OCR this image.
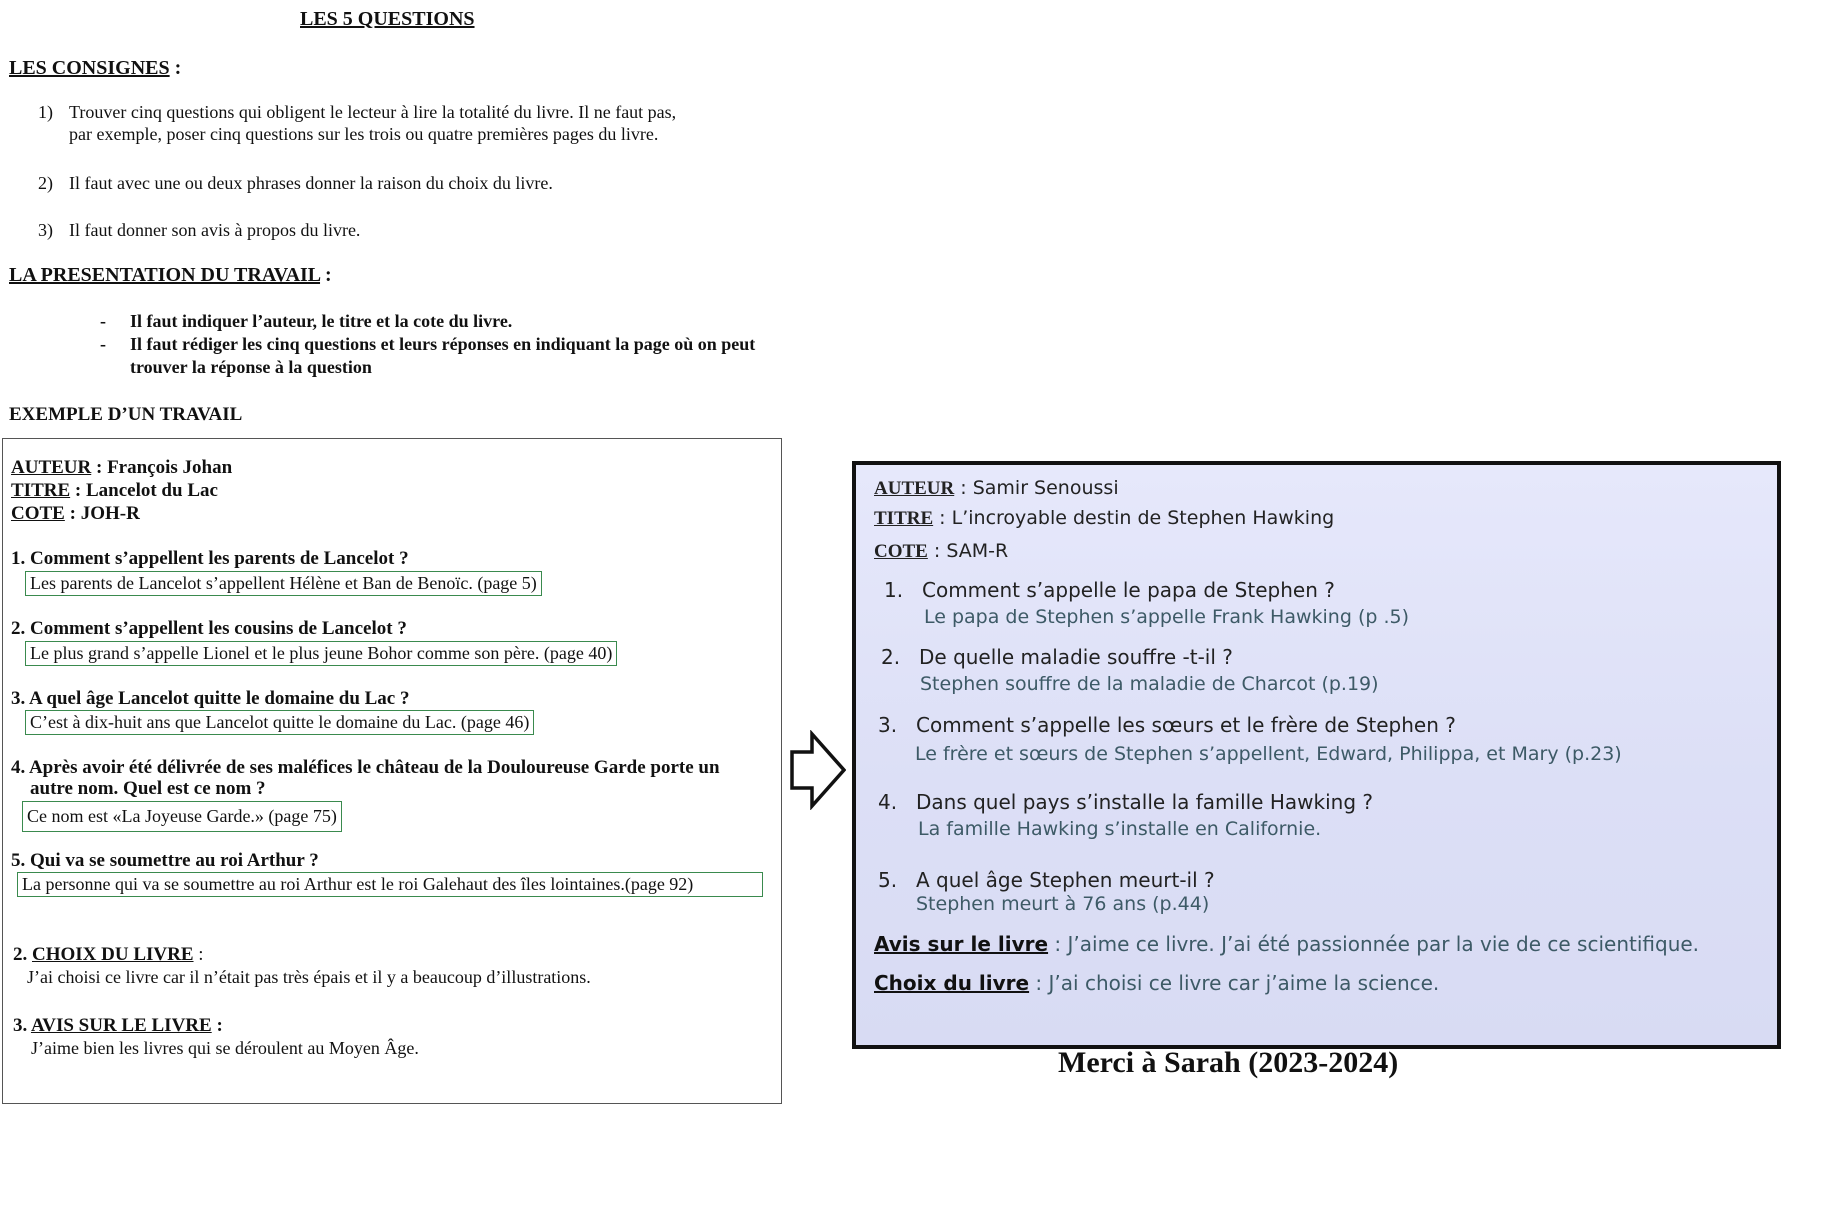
LES 5 QUESTIONS
LES CONSIGNES :
1) Trouver cinq questions qui obligent le lecteur à lire la totalité du livre. Il ne faut pas,
par exemple, poser cinq questions sur les trois ou quatre premières pages du livre.
2) Il faut avec une ou deux phrases donner la raison du choix du livre.
3) Il faut donner son avis à propos du livre.
LA PRESENTATION DU TRAVAIL :
- Il faut indiquer l’auteur, le titre et la cote du livre.
- Il faut rédiger les cinq questions et leurs réponses en indiquant la page où on peut trouver la réponse à la question
EXEMPLE D’UN TRAVAIL
AUTEUR : François Johan
TITRE : Lancelot du Lac
COTE : JOH-R
1. Comment s’appellent les parents de Lancelot ?
Les parents de Lancelot s’appellent Hélène et Ban de Benoïc. (page 5)
2. Comment s’appellent les cousins de Lancelot ?
Le plus grand s’appelle Lionel et le plus jeune Bohor comme son père. (page 40)
3. A quel âge Lancelot quitte le domaine du Lac ?
C’est à dix-huit ans que Lancelot quitte le domaine du Lac. (page 46)
4. Après avoir été délivrée de ses maléfices le château de la Douloureuse Garde porte un
autre nom. Quel est ce nom ?
Ce nom est «La Joyeuse Garde.» (page 75)
5. Qui va se soumettre au roi Arthur ?
La personne qui va se soumettre au roi Arthur est le roi Galehaut des îles lointaines.(page 92)
2. CHOIX DU LIVRE :
J’ai choisi ce livre car il n’était pas très épais et il y a beaucoup d’illustrations.
3. AVIS SUR LE LIVRE :
J’aime bien les livres qui se déroulent au Moyen Âge.
AUTEUR : Samir Senoussi
TITRE : L’incroyable destin de Stephen Hawking
COTE : SAM-R
1. Comment s’appelle le papa de Stephen ?
Le papa de Stephen s’appelle Frank Hawking (p .5)
2. De quelle maladie souffre -t-il ?
Stephen souffre de la maladie de Charcot (p.19)
3. Comment s’appelle les sœurs et le frère de Stephen ?
Le frère et sœurs de Stephen s’appellent, Edward, Philippa, et Mary (p.23)
4. Dans quel pays s’installe la famille Hawking ?
La famille Hawking s’installe en Californie.
5. A quel âge Stephen meurt-il ?
Stephen meurt à 76 ans (p.44)
Avis sur le livre : J’aime ce livre. J’ai été passionnée par la vie de ce scientifique.
Choix du livre : J’ai choisi ce livre car j’aime la science.
Merci à Sarah (2023-2024)
